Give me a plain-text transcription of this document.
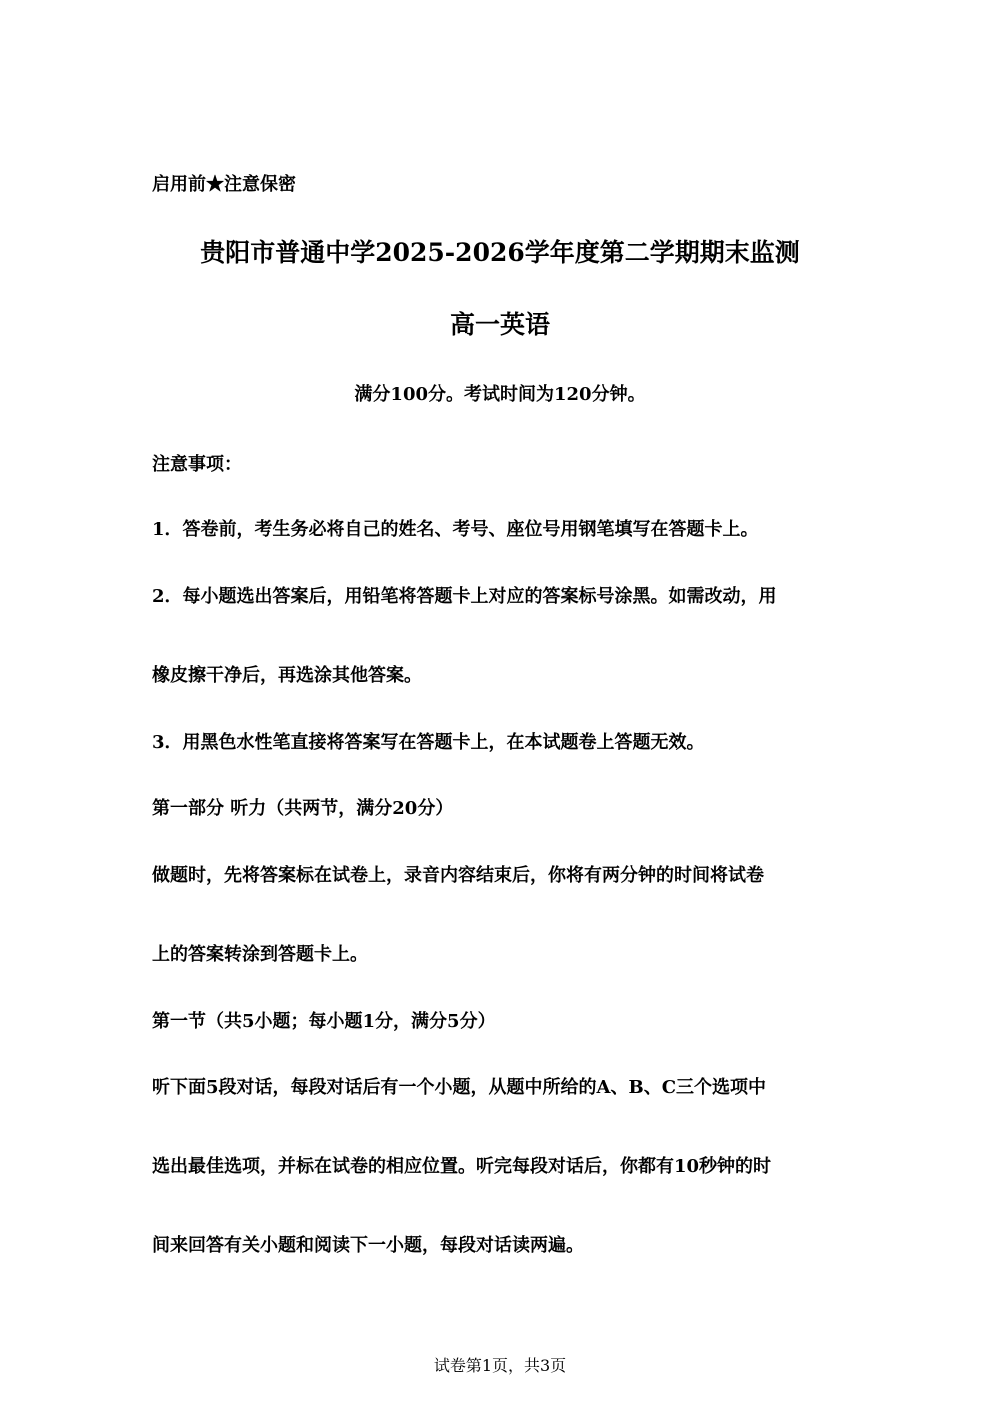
启用前★注意保密
贵阳市普通中学2025-2026学年度第二学期期末监测
高一英语
满分100分。考试时间为120分钟。
注意事项：
1．答卷前，考生务必将自己的姓名、考号、座位号用钢笔填写在答题卡上。
2．每小题选出答案后，用铅笔将答题卡上对应的答案标号涂黑。如需改动，用
橡皮擦干净后，再选涂其他答案。
3．用黑色水性笔直接将答案写在答题卡上，在本试题卷上答题无效。
第一部分 听力（共两节，满分20分）
做题时，先将答案标在试卷上，录音内容结束后，你将有两分钟的时间将试卷
上的答案转涂到答题卡上。
第一节（共5小题；每小题1分，满分5分）
听下面5段对话，每段对话后有一个小题，从题中所给的A、B、C三个选项中
选出最佳选项，并标在试卷的相应位置。听完每段对话后，你都有10秒钟的时
间来回答有关小题和阅读下一小题，每段对话读两遍。
试卷第1页，共3页
